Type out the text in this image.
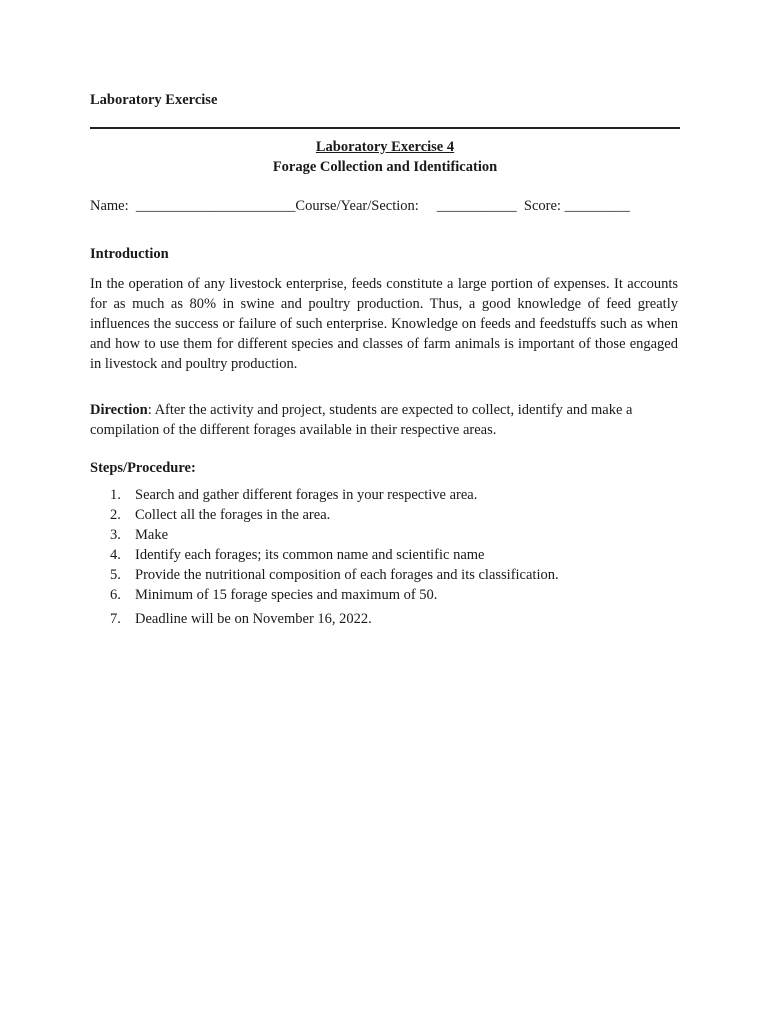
Laboratory Exercise
Laboratory Exercise 4
Forage Collection and Identification
Name:  ______________________Course/Year/Section:     ___________  Score: _________
Introduction
In the operation of any livestock enterprise, feeds constitute a large portion of expenses. It accounts for as much as 80% in swine and poultry production. Thus, a good knowledge of feed greatly influences the success or failure of such enterprise. Knowledge on feeds and feedstuffs such as when and how to use them for different species and classes of farm animals is important of those engaged in livestock and poultry production.
Direction: After the activity and project, students are expected to collect, identify and make a compilation of the different forages available in their respective areas.
Steps/Procedure:
1. Search and gather different forages in your respective area.
2. Collect all the forages in the area.
3. Make
4. Identify each forages; its common name and scientific name
5. Provide the nutritional composition of each forages and its classification.
6. Minimum of 15 forage species and maximum of 50.
7. Deadline will be on November 16, 2022.
